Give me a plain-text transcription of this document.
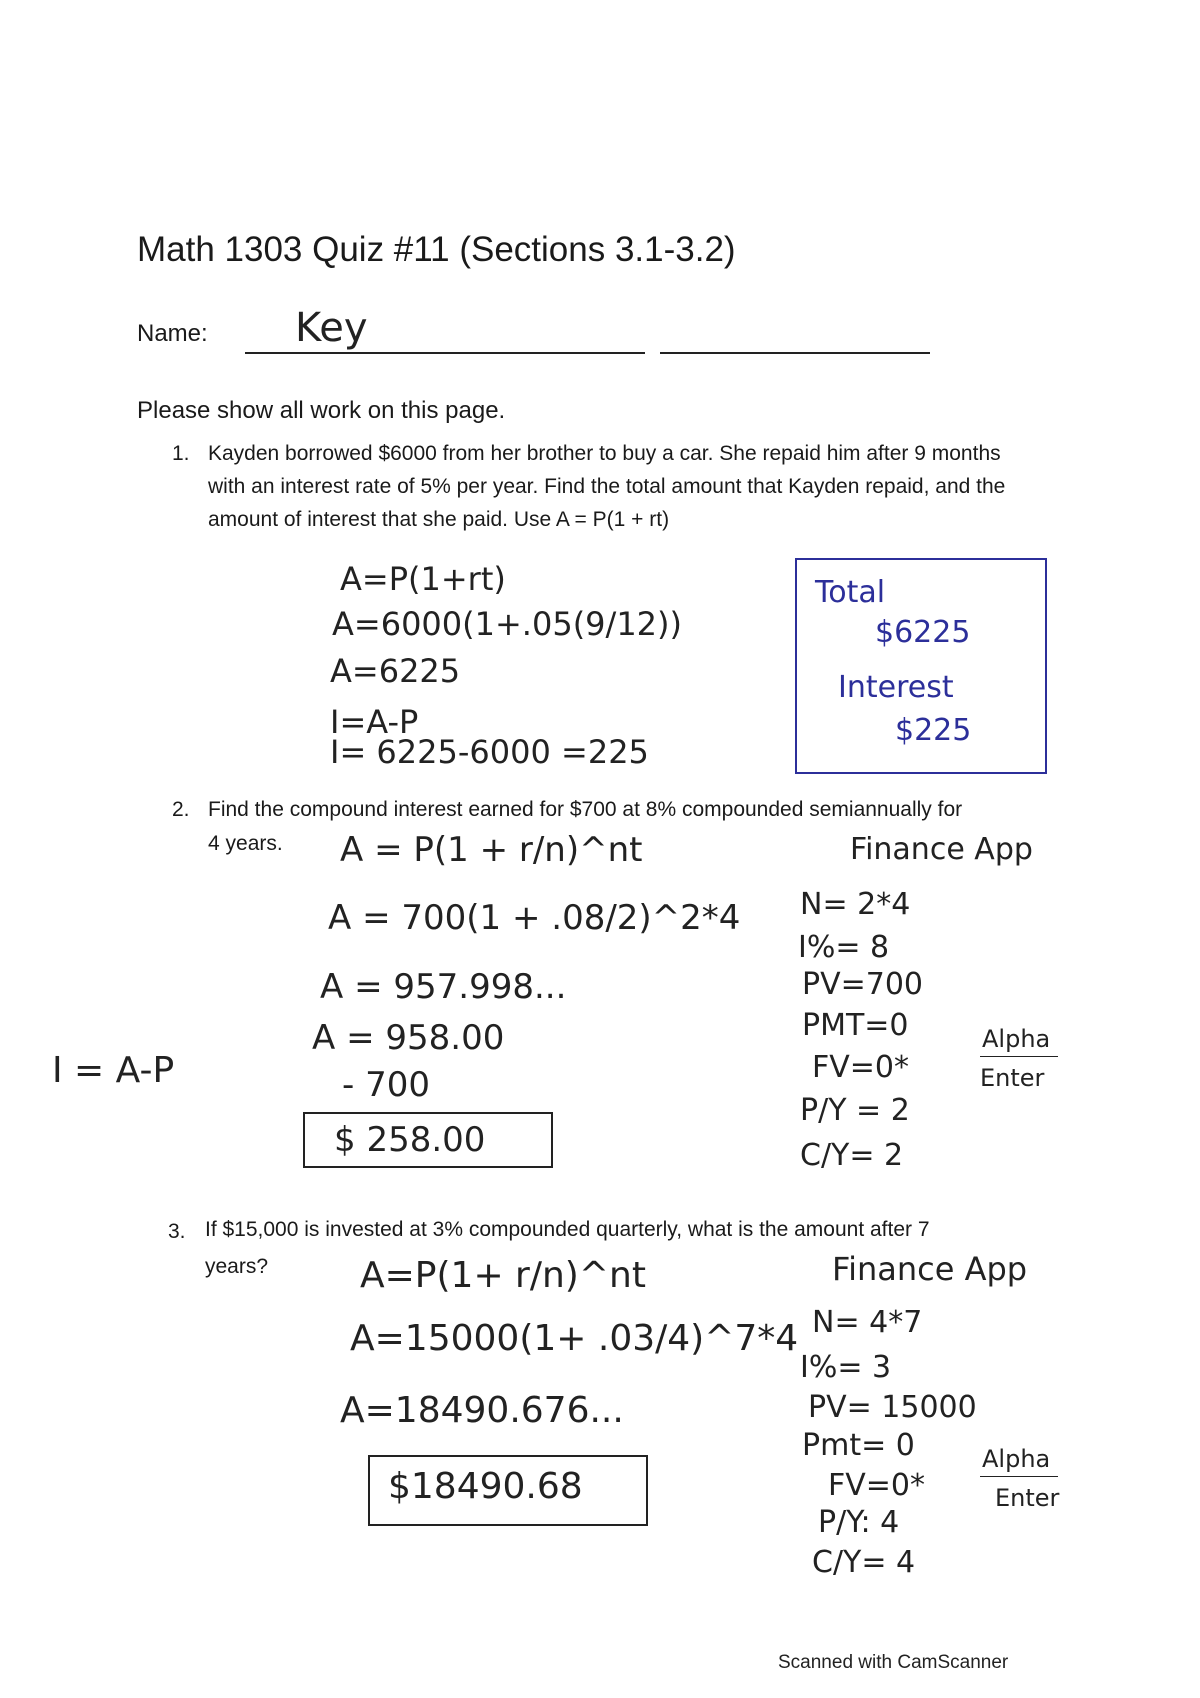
Math 1303 Quiz #11 (Sections 3.1-3.2)
Name: Key
Please show all work on this page.
1. Kayden borrowed $6000 from her brother to buy a car. She repaid him after 9 months with an interest rate of 5% per year. Find the total amount that Kayden repaid, and the amount of interest that she paid. Use A = P(1 + rt)
A=P(1+rt)
A=6000(1+.05(9/12))
A=6225
I=A-P
I= 6225-6000 =225
Total
$6225
Interest
$225
2. Find the compound interest earned for $700 at 8% compounded semiannually for
4 years. A = P(1 + r/n)^nt
A = 700(1 + .08/2)^2*4
A = 957.998...
A = 958.00
- 700
$ 258.00
I = A-P
Finance App
N= 2*4
I%= 8
PV=700
PMT=0
FV=0*
P/Y = 2
C/Y= 2
Alpha
Enter
3. If $15,000 is invested at 3% compounded quarterly, what is the amount after 7
years?	A=P(1+ r/n)^nt
A=15000(1+ .03/4)^7*4
A=18490.676...
$18490.68
Finance App
N= 4*7
I%= 3
PV= 15000
Pmt= 0
FV=0*
P/Y: 4
C/Y= 4
Alpha
Enter
Scanned with CamScanner
